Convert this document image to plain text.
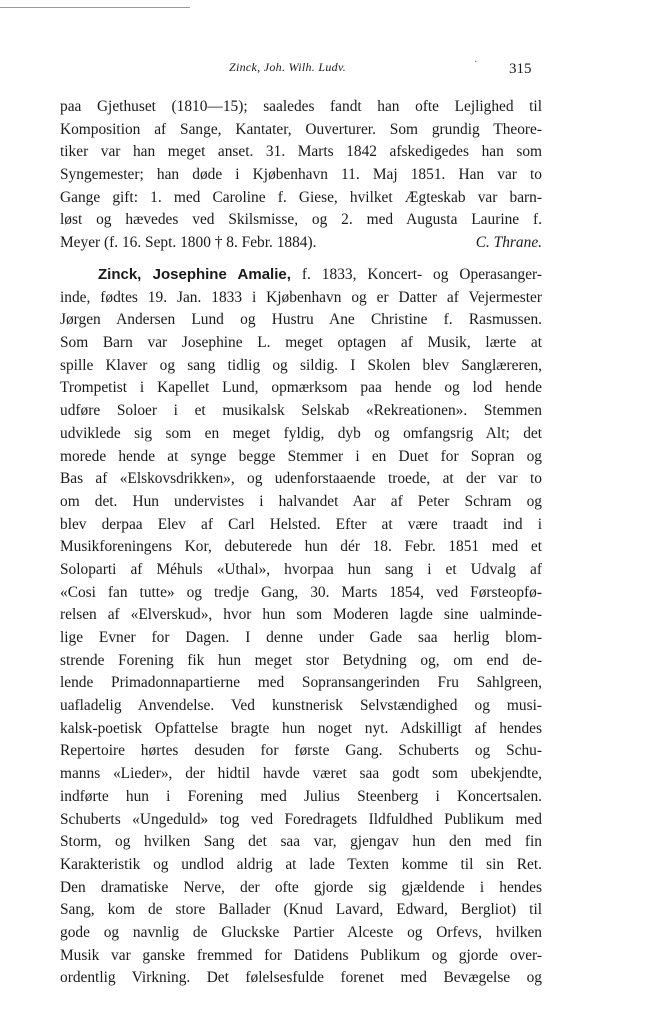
Zinck, Joh. Wilh. Ludv.	· 315
paa Gjethuset (1810—15); saaledes fandt han ofte Lejlighed til
Komposition af Sange, Kantater, Ouverturer. Som grundig Theore-
tiker var han meget anset. 31. Marts 1842 afskedigedes han som
Syngemester; han døde i Kjøbenhavn 11. Maj 1851. Han var to
Gange gift: 1. med Caroline f. Giese, hvilket Ægteskab var barn-
løst og hævedes ved Skilsmisse, og 2. med Augusta Laurine f.
Meyer (f. 16. Sept. 1800 † 8. Febr. 1884).	C. Thrane.
Zinck, Josephine Amalie, f. 1833, Koncert- og Operasanger-
inde, fødtes 19. Jan. 1833 i Kjøbenhavn og er Datter af Vejermester
Jørgen Andersen Lund og Hustru Ane Christine f. Rasmussen.
Som Barn var Josephine L. meget optagen af Musik, lærte at
spille Klaver og sang tidlig og sildig. I Skolen blev Sanglæreren,
Trompetist i Kapellet Lund, opmærksom paa hende og lod hende
udføre Soloer i et musikalsk Selskab «Rekreationen». Stemmen
udviklede sig som en meget fyldig, dyb og omfangsrig Alt; det
morede hende at synge begge Stemmer i en Duet for Sopran og
Bas af «Elskovsdrikken», og udenforstaaende troede, at der var to
om det. Hun undervistes i halvandet Aar af Peter Schram og
blev derpaa Elev af Carl Helsted. Efter at være traadt ind i
Musikforeningens Kor, debuterede hun dér 18. Febr. 1851 med et
Soloparti af Méhuls «Uthal», hvorpaa hun sang i et Udvalg af
«Cosi fan tutte» og tredje Gang, 30. Marts 1854, ved Førsteopfø-
relsen af «Elverskud», hvor hun som Moderen lagde sine ualminde-
lige Evner for Dagen. I denne under Gade saa herlig blom-
strende Forening fik hun meget stor Betydning og, om end de-
lende Primadonnapartierne med Sopransangerinden Fru Sahlgreen,
uafladelig Anvendelse. Ved kunstnerisk Selvstændighed og musi-
kalsk-poetisk Opfattelse bragte hun noget nyt. Adskilligt af hendes
Repertoire hørtes desuden for første Gang. Schuberts og Schu-
manns «Lieder», der hidtil havde været saa godt som ubekjendte,
indførte hun i Forening med Julius Steenberg i Koncertsalen.
Schuberts «Ungeduld» tog ved Foredragets Ildfuldhed Publikum med
Storm, og hvilken Sang det saa var, gjengav hun den med fin
Karakteristik og undlod aldrig at lade Texten komme til sin Ret.
Den dramatiske Nerve, der ofte gjorde sig gjældende i hendes
Sang, kom de store Ballader (Knud Lavard, Edward, Bergliot) til
gode og navnlig de Gluckske Partier Alceste og Orfevs, hvilken
Musik var ganske fremmed for Datidens Publikum og gjorde over-
ordentlig Virkning. Det følelsesfulde forenet med Bevægelse og
